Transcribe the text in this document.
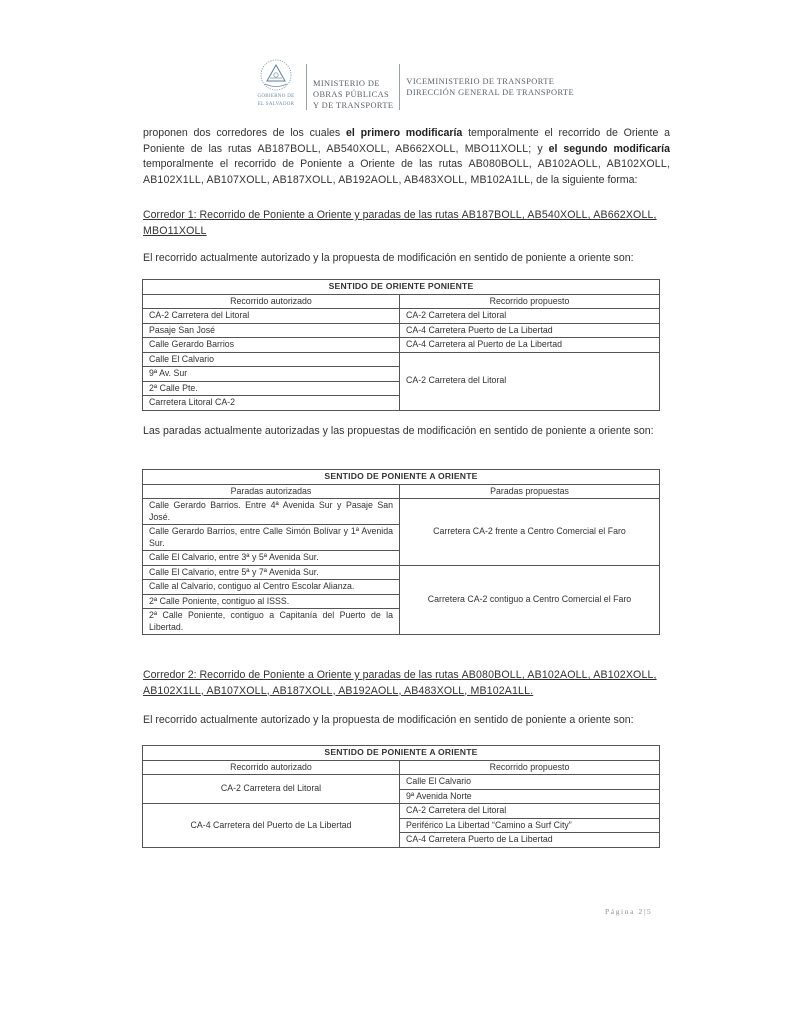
GOBIERNO DE
EL SALVADOR
MINISTERIO DE
OBRAS PÚBLICAS
Y DE TRANSPORTE
VICEMINISTERIO DE TRANSPORTE
DIRECCIÓN GENERAL DE TRANSPORTE
proponen dos corredores de los cuales el primero modificaría temporalmente el recorrido de Oriente a Poniente de las rutas AB187BOLL, AB540XOLL, AB662XOLL, MBO11XOLL; y el segundo modificaría temporalmente el recorrido de Poniente a Oriente de las rutas AB080BOLL, AB102AOLL, AB102XOLL, AB102X1LL, AB107XOLL, AB187XOLL, AB192AOLL, AB483XOLL, MB102A1LL, de la siguiente forma:
Corredor 1: Recorrido de Poniente a Oriente y paradas de las rutas AB187BOLL, AB540XOLL, AB662XOLL, MBO11XOLL
El recorrido actualmente autorizado y la propuesta de modificación en sentido de poniente a oriente son:
SENTIDO DE ORIENTE PONIENTE	
Recorrido autorizado	Recorrido propuesto
CA-2 Carretera del Litoral	CA-2 Carretera del Litoral
Pasaje San José	CA-4 Carretera Puerto de La Libertad
Calle Gerardo Barrios	CA-4 Carretera al Puerto de La Libertad
Calle El Calvario	CA-2 Carretera del Litoral
9ª Av. Sur	
2ª Calle Pte.	
Carretera Litoral CA-2	
Las paradas actualmente autorizadas y las propuestas de modificación en sentido de poniente a oriente son:
SENTIDO DE PONIENTE A ORIENTE	
Paradas autorizadas	Paradas propuestas
Calle Gerardo Barrios. Entre 4ª Avenida Sur y Pasaje San José.	Carretera CA-2 frente a Centro Comercial el Faro
Calle Gerardo Barrios, entre Calle Simón Bolívar y 1ª Avenida Sur.	
Calle El Calvario, entre 3ª y 5ª Avenida Sur.	
Calle El Calvario, entre 5ª y 7ª Avenida Sur.	Carretera CA-2 contiguo a Centro Comercial el Faro
Calle al Calvario, contiguo al Centro Escolar Alianza.	
2ª Calle Poniente, contiguo al ISSS.	
2ª Calle Poniente, contiguo a Capitanía del Puerto de la Libertad.	
Corredor 2: Recorrido de Poniente a Oriente y paradas de las rutas AB080BOLL, AB102AOLL, AB102XOLL, AB102X1LL, AB107XOLL, AB187XOLL, AB192AOLL, AB483XOLL, MB102A1LL.
El recorrido actualmente autorizado y la propuesta de modificación en sentido de poniente a oriente son:
SENTIDO DE PONIENTE A ORIENTE	
Recorrido autorizado	Recorrido propuesto
CA-2 Carretera del Litoral	Calle El Calvario
	9ª Avenida Norte
CA-4 Carretera del Puerto de La Libertad	CA-2 Carretera del Litoral
	Periférico La Libertad “Camino a Surf City”
	CA-4 Carretera Puerto de La Libertad
Página 2|5
